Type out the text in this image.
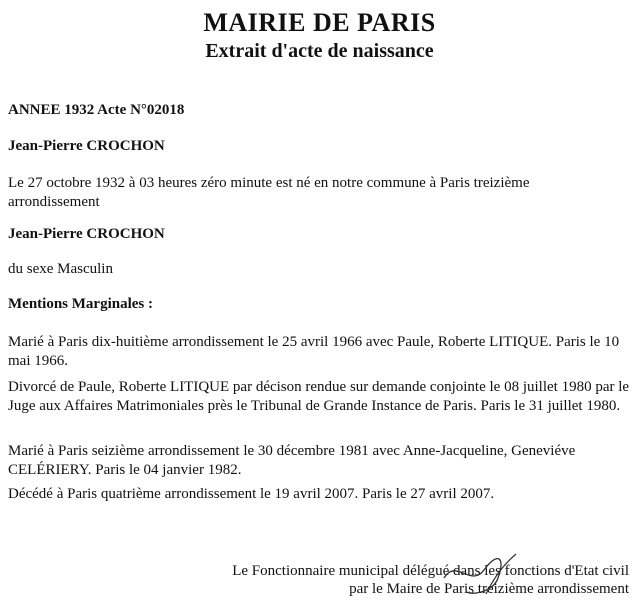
MAIRIE DE PARIS
Extrait d'acte de naissance
ANNEE 1932 Acte N°02018
Jean-Pierre CROCHON
Le 27 octobre 1932 à 03 heures zéro minute est né en notre commune à Paris treizième arrondissement
Jean-Pierre CROCHON
du sexe Masculin
Mentions Marginales :
Marié à Paris dix-huitième arrondissement le 25 avril 1966 avec Paule, Roberte LITIQUE. Paris le 10 mai 1966.
Divorcé de Paule, Roberte LITIQUE par décison rendue sur demande conjointe le 08 juillet 1980 par le Juge aux Affaires Matrimoniales près le Tribunal de Grande Instance de Paris. Paris le 31 juillet 1980.
Marié à Paris seizième arrondissement le 30 décembre 1981 avec Anne-Jacqueline, Geneviéve CELÉRIERY. Paris le 04 janvier 1982.
Décédé à Paris quatrième arrondissement le 19 avril 2007. Paris le 27 avril 2007.
Le Fonctionnaire municipal délégué dans les fonctions d'Etat civil
par le Maire de Paris treizième arrondissement
